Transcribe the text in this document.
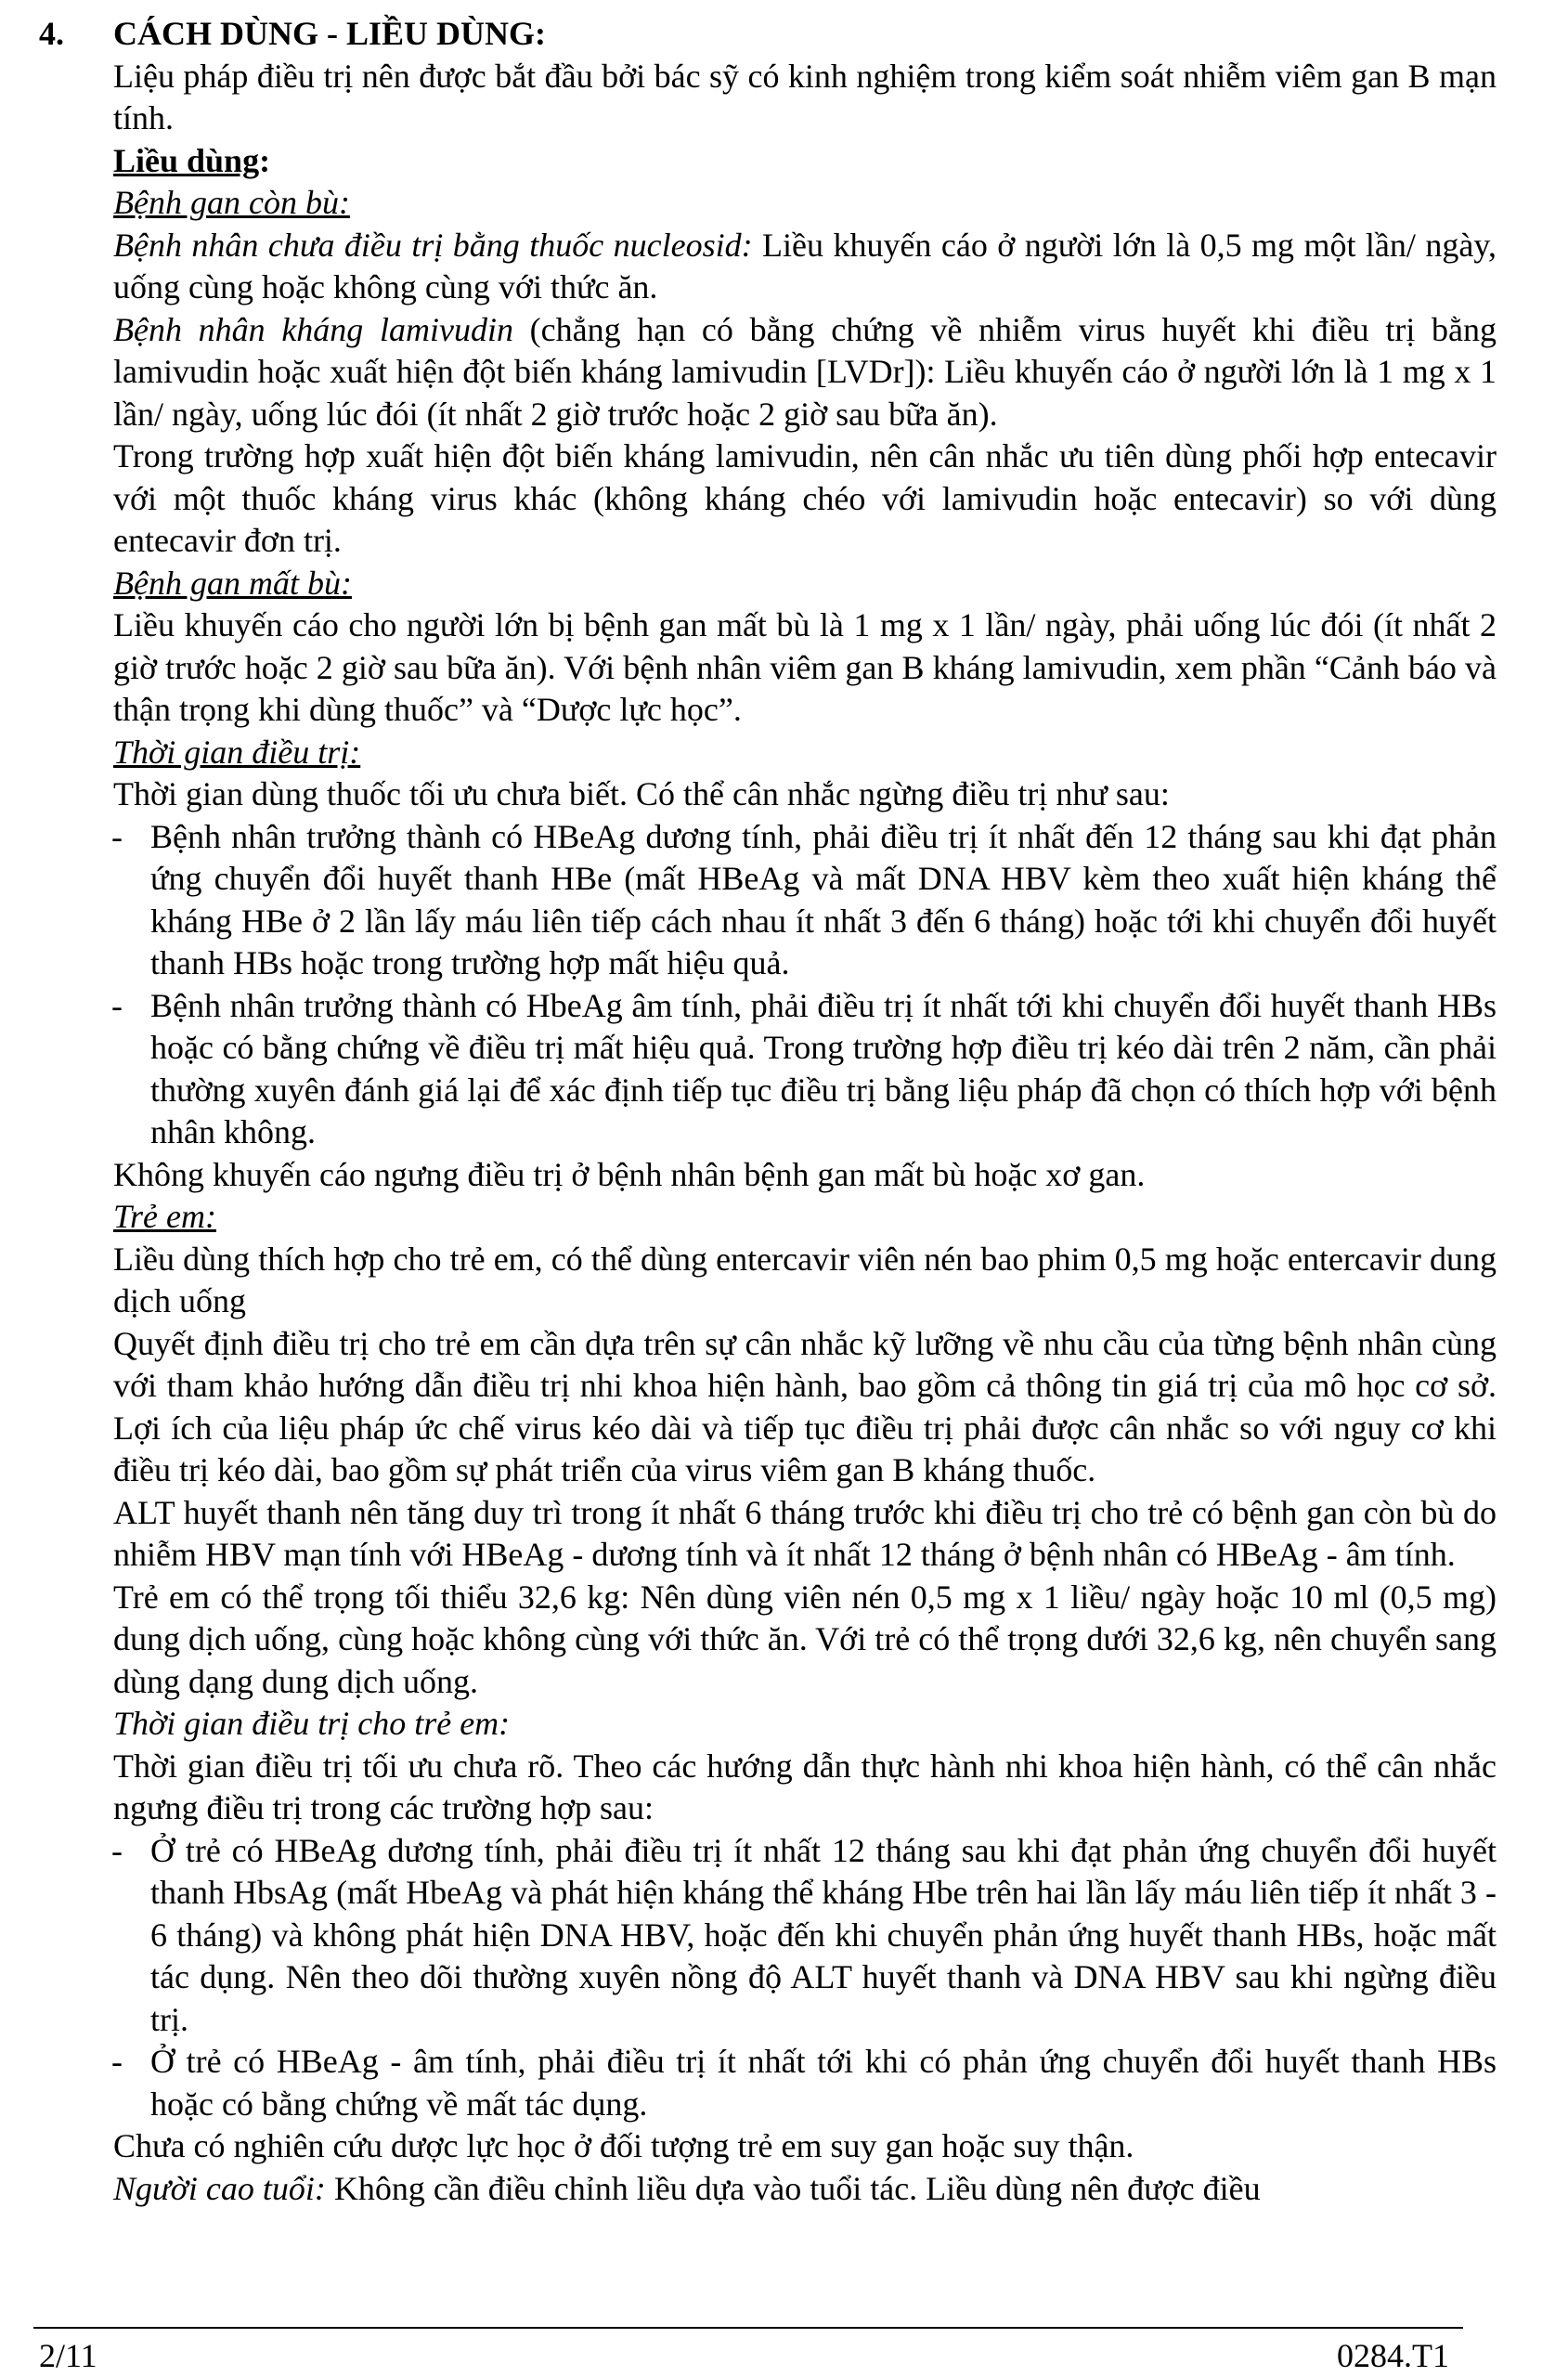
4. CÁCH DÙNG - LIỀU DÙNG:

Liệu pháp điều trị nên được bắt đầu bởi bác sỹ có kinh nghiệm trong kiểm soát nhiễm viêm gan B mạn tính.

Liều dùng:

Bệnh gan còn bù:

Bệnh nhân chưa điều trị bằng thuốc nucleosid: Liều khuyến cáo ở người lớn là 0,5 mg một lần/ ngày, uống cùng hoặc không cùng với thức ăn.

Bệnh nhân kháng lamivudin (chẳng hạn có bằng chứng về nhiễm virus huyết khi điều trị bằng lamivudin hoặc xuất hiện đột biến kháng lamivudin [LVDr]): Liều khuyến cáo ở người lớn là 1 mg x 1 lần/ ngày, uống lúc đói (ít nhất 2 giờ trước hoặc 2 giờ sau bữa ăn).

Trong trường hợp xuất hiện đột biến kháng lamivudin, nên cân nhắc ưu tiên dùng phối hợp entecavir với một thuốc kháng virus khác (không kháng chéo với lamivudin hoặc entecavir) so với dùng entecavir đơn trị.

Bệnh gan mất bù:

Liều khuyến cáo cho người lớn bị bệnh gan mất bù là 1 mg x 1 lần/ ngày, phải uống lúc đói (ít nhất 2 giờ trước hoặc 2 giờ sau bữa ăn). Với bệnh nhân viêm gan B kháng lamivudin, xem phần “Cảnh báo và thận trọng khi dùng thuốc” và “Dược lực học”.

Thời gian điều trị:

Thời gian dùng thuốc tối ưu chưa biết. Có thể cân nhắc ngừng điều trị như sau:

- Bệnh nhân trưởng thành có HBeAg dương tính, phải điều trị ít nhất đến 12 tháng sau khi đạt phản ứng chuyển đổi huyết thanh HBe (mất HBeAg và mất DNA HBV kèm theo xuất hiện kháng thể kháng HBe ở 2 lần lấy máu liên tiếp cách nhau ít nhất 3 đến 6 tháng) hoặc tới khi chuyển đổi huyết thanh HBs hoặc trong trường hợp mất hiệu quả.

- Bệnh nhân trưởng thành có HbeAg âm tính, phải điều trị ít nhất tới khi chuyển đổi huyết thanh HBs hoặc có bằng chứng về điều trị mất hiệu quả. Trong trường hợp điều trị kéo dài trên 2 năm, cần phải thường xuyên đánh giá lại để xác định tiếp tục điều trị bằng liệu pháp đã chọn có thích hợp với bệnh nhân không.

Không khuyến cáo ngưng điều trị ở bệnh nhân bệnh gan mất bù hoặc xơ gan.

Trẻ em:

Liều dùng thích hợp cho trẻ em, có thể dùng entercavir viên nén bao phim 0,5 mg hoặc entercavir dung dịch uống

Quyết định điều trị cho trẻ em cần dựa trên sự cân nhắc kỹ lưỡng về nhu cầu của từng bệnh nhân cùng với tham khảo hướng dẫn điều trị nhi khoa hiện hành, bao gồm cả thông tin giá trị của mô học cơ sở. Lợi ích của liệu pháp ức chế virus kéo dài và tiếp tục điều trị phải được cân nhắc so với nguy cơ khi điều trị kéo dài, bao gồm sự phát triển của virus viêm gan B kháng thuốc.

ALT huyết thanh nên tăng duy trì trong ít nhất 6 tháng trước khi điều trị cho trẻ có bệnh gan còn bù do nhiễm HBV mạn tính với HBeAg - dương tính và ít nhất 12 tháng ở bệnh nhân có HBeAg - âm tính.

Trẻ em có thể trọng tối thiểu 32,6 kg: Nên dùng viên nén 0,5 mg x 1 liều/ ngày hoặc 10 ml (0,5 mg) dung dịch uống, cùng hoặc không cùng với thức ăn. Với trẻ có thể trọng dưới 32,6 kg, nên chuyển sang dùng dạng dung dịch uống.

Thời gian điều trị cho trẻ em:

Thời gian điều trị tối ưu chưa rõ. Theo các hướng dẫn thực hành nhi khoa hiện hành, có thể cân nhắc ngưng điều trị trong các trường hợp sau:

- Ở trẻ có HBeAg dương tính, phải điều trị ít nhất 12 tháng sau khi đạt phản ứng chuyển đổi huyết thanh HbsAg (mất HbeAg và phát hiện kháng thể kháng Hbe trên hai lần lấy máu liên tiếp ít nhất 3 - 6 tháng) và không phát hiện DNA HBV, hoặc đến khi chuyển phản ứng huyết thanh HBs, hoặc mất tác dụng. Nên theo dõi thường xuyên nồng độ ALT huyết thanh và DNA HBV sau khi ngừng điều trị.

- Ở trẻ có HBeAg - âm tính, phải điều trị ít nhất tới khi có phản ứng chuyển đổi huyết thanh HBs hoặc có bằng chứng về mất tác dụng.

Chưa có nghiên cứu dược lực học ở đối tượng trẻ em suy gan hoặc suy thận.

Người cao tuổi: Không cần điều chỉnh liều dựa vào tuổi tác. Liều dùng nên được điều

2/11	0284.T1
